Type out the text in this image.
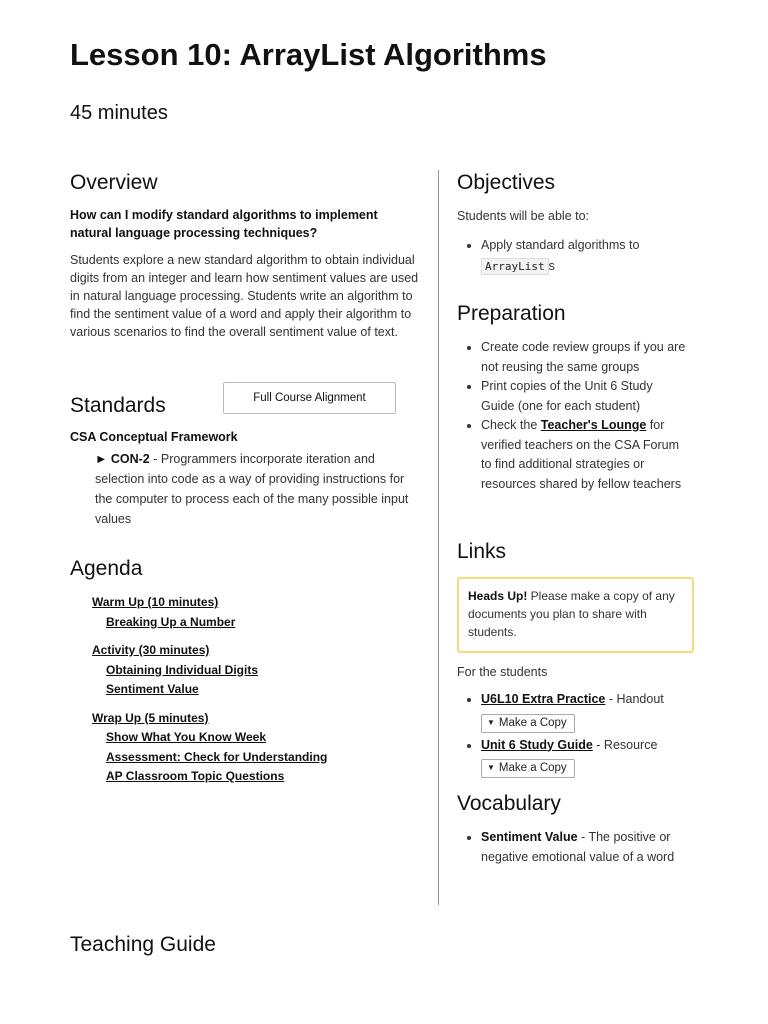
Lesson 10: ArrayList Algorithms
45 minutes
Overview
How can I modify standard algorithms to implement natural language processing techniques?
Students explore a new standard algorithm to obtain individual digits from an integer and learn how sentiment values are used in natural language processing. Students write an algorithm to find the sentiment value of a word and apply their algorithm to various scenarios to find the overall sentiment value of text.
Standards	Full Course Alignment
CSA Conceptual Framework
► CON-2 - Programmers incorporate iteration and selection into code as a way of providing instructions for the computer to process each of the many possible input values
Agenda
Warm Up (10 minutes)
Breaking Up a Number
Activity (30 minutes)
Obtaining Individual Digits
Sentiment Value
Wrap Up (5 minutes)
Show What You Know Week
Assessment: Check for Understanding
AP Classroom Topic Questions
Objectives
Students will be able to:
• Apply standard algorithms to
ArrayList s
Preparation
• Create code review groups if you are not reusing the same groups
• Print copies of the Unit 6 Study Guide (one for each student)
• Check the Teacher's Lounge for verified teachers on the CSA Forum to find additional strategies or resources shared by fellow teachers
Links
Heads Up! Please make a copy of any documents you plan to share with students.
For the students
• U6L10 Extra Practice - Handout
▼ Make a Copy
• Unit 6 Study Guide - Resource
▼ Make a Copy
Vocabulary
• Sentiment Value - The positive or negative emotional value of a word
Teaching Guide
